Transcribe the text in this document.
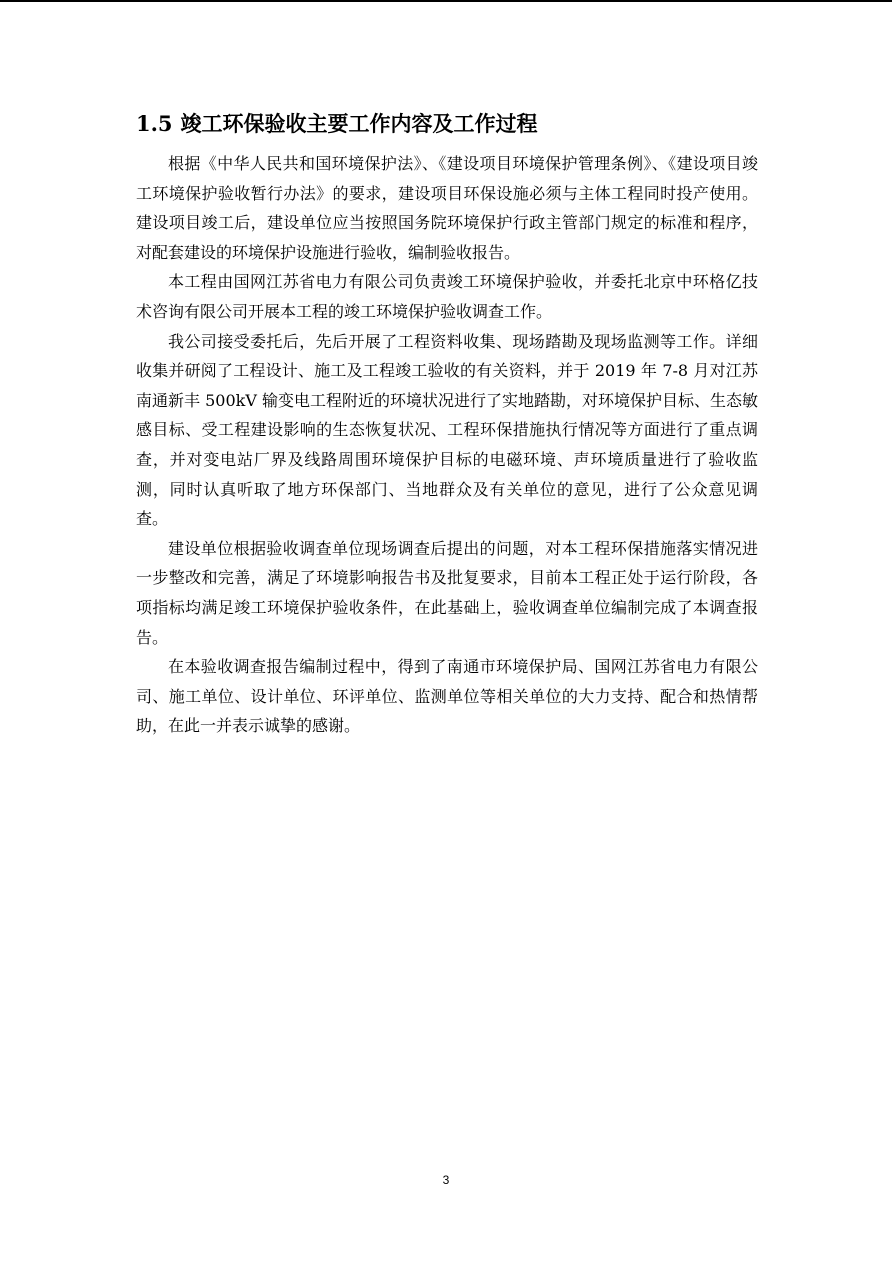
1.5 竣工环保验收主要工作内容及工作过程

根据《中华人民共和国环境保护法》、《建设项目环境保护管理条例》、《建设项目竣工环境保护验收暂行办法》的要求，建设项目环保设施必须与主体工程同时投产使用。建设项目竣工后，建设单位应当按照国务院环境保护行政主管部门规定的标准和程序，对配套建设的环境保护设施进行验收，编制验收报告。

本工程由国网江苏省电力有限公司负责竣工环境保护验收，并委托北京中环格亿技术咨询有限公司开展本工程的竣工环境保护验收调查工作。

我公司接受委托后，先后开展了工程资料收集、现场踏勘及现场监测等工作。详细收集并研阅了工程设计、施工及工程竣工验收的有关资料，并于 2019 年 7-8 月对江苏南通新丰 500kV 输变电工程附近的环境状况进行了实地踏勘，对环境保护目标、生态敏感目标、受工程建设影响的生态恢复状况、工程环保措施执行情况等方面进行了重点调查，并对变电站厂界及线路周围环境保护目标的电磁环境、声环境质量进行了验收监测，同时认真听取了地方环保部门、当地群众及有关单位的意见，进行了公众意见调查。

建设单位根据验收调查单位现场调查后提出的问题，对本工程环保措施落实情况进一步整改和完善，满足了环境影响报告书及批复要求，目前本工程正处于运行阶段，各项指标均满足竣工环境保护验收条件，在此基础上，验收调查单位编制完成了本调查报告。

在本验收调查报告编制过程中，得到了南通市环境保护局、国网江苏省电力有限公司、施工单位、设计单位、环评单位、监测单位等相关单位的大力支持、配合和热情帮助，在此一并表示诚挚的感谢。

3
